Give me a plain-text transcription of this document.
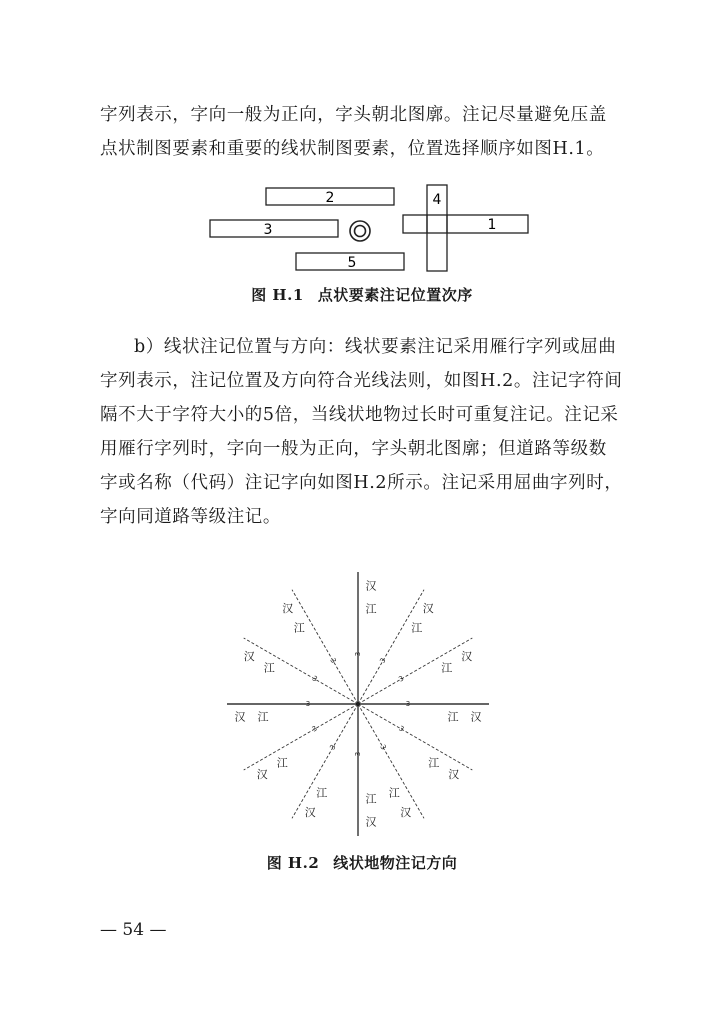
字列表示，字向一般为正向，字头朝北图廓。注记尽量避免压盖
点状制图要素和重要的线状制图要素，位置选择顺序如图H.1。

2
3
5
4
1
图 H.1 点状要素注记位置次序

b）线状注记位置与方向：线状要素注记采用雁行字列或屈曲
字列表示，注记位置及方向符合光线法则，如图H.2。注记字符间
隔不大于字符大小的5倍，当线状地物过长时可重复注记。注记采
用雁行字列时，字向一般为正向，字头朝北图廓；但道路等级数
字或名称（代码）注记字向如图H.2所示。注记采用屈曲字列时，
字向同道路等级注记。

3
江 汉
3
江
汉
3
江
汉
3
江
汉
3
江
汉
3
江
汉
3
江
汉
3
江
汉
3
江
汉
3
江
汉
3
江
汉
3
江
汉
图 H.2 线状地物注记方向
— 54 —
